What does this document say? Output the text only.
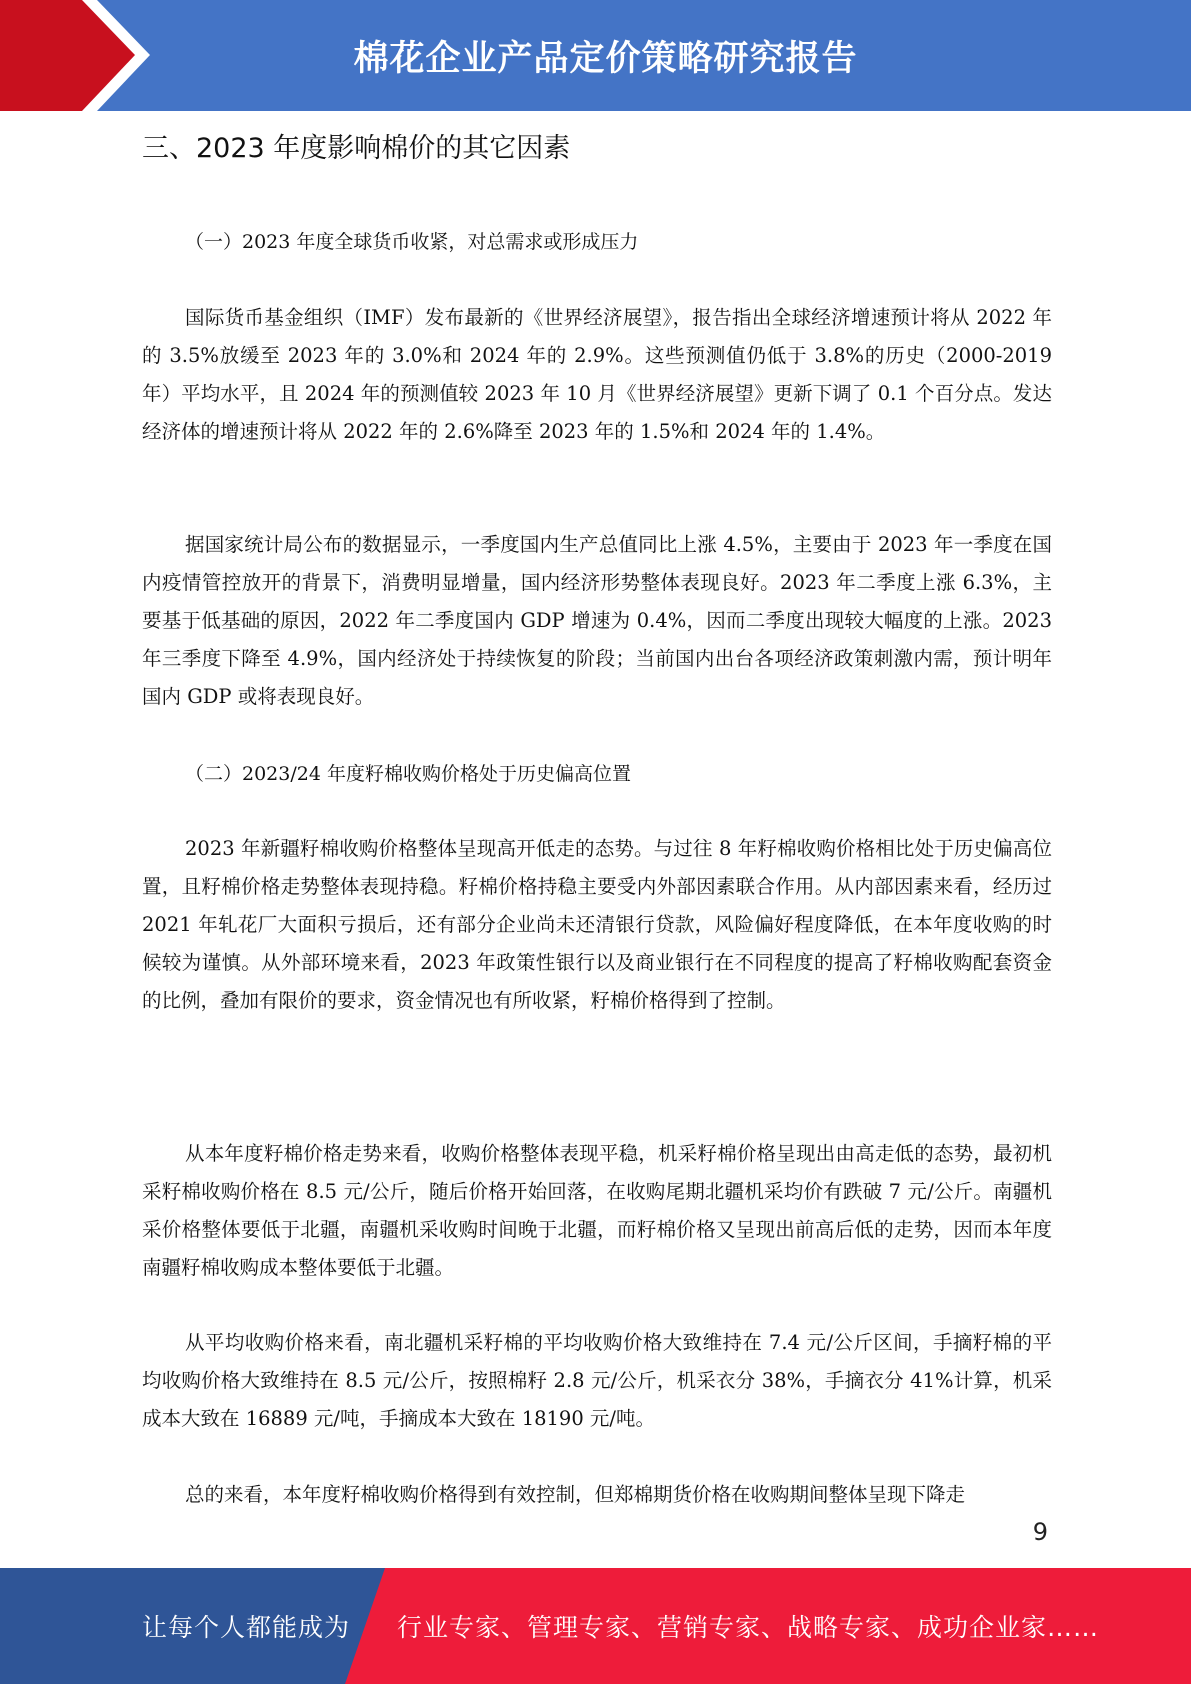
棉花企业产品定价策略研究报告
三、2023 年度影响棉价的其它因素
（一）2023 年度全球货币收紧，对总需求或形成压力

国际货币基金组织（IMF）发布最新的《世界经济展望》，报告指出全球经济增速预计将从 2022 年的 3.5%放缓至 2023 年的 3.0%和 2024 年的 2.9%。这些预测值仍低于 3.8%的历史（2000-2019 年）平均水平，且 2024 年的预测值较 2023 年 10 月《世界经济展望》更新下调了 0.1 个百分点。发达经济体的增速预计将从 2022 年的 2.6%降至 2023 年的 1.5%和 2024 年的 1.4%。

据国家统计局公布的数据显示，一季度国内生产总值同比上涨 4.5%，主要由于 2023 年一季度在国内疫情管控放开的背景下，消费明显增量，国内经济形势整体表现良好。2023 年二季度上涨 6.3%，主要基于低基础的原因，2022 年二季度国内 GDP 增速为 0.4%，因而二季度出现较大幅度的上涨。2023 年三季度下降至 4.9%，国内经济处于持续恢复的阶段；当前国内出台各项经济政策刺激内需，预计明年国内 GDP 或将表现良好。

（二）2023/24 年度籽棉收购价格处于历史偏高位置

2023 年新疆籽棉收购价格整体呈现高开低走的态势。与过往 8 年籽棉收购价格相比处于历史偏高位置，且籽棉价格走势整体表现持稳。籽棉价格持稳主要受内外部因素联合作用。从内部因素来看，经历过 2021 年轧花厂大面积亏损后，还有部分企业尚未还清银行贷款，风险偏好程度降低，在本年度收购的时候较为谨慎。从外部环境来看，2023 年政策性银行以及商业银行在不同程度的提高了籽棉收购配套资金的比例，叠加有限价的要求，资金情况也有所收紧，籽棉价格得到了控制。

从本年度籽棉价格走势来看，收购价格整体表现平稳，机采籽棉价格呈现出由高走低的态势，最初机采籽棉收购价格在 8.5 元/公斤，随后价格开始回落，在收购尾期北疆机采均价有跌破 7 元/公斤。南疆机采价格整体要低于北疆，南疆机采收购时间晚于北疆，而籽棉价格又呈现出前高后低的走势，因而本年度南疆籽棉收购成本整体要低于北疆。

从平均收购价格来看，南北疆机采籽棉的平均收购价格大致维持在 7.4 元/公斤区间，手摘籽棉的平均收购价格大致维持在 8.5 元/公斤，按照棉籽 2.8 元/公斤，机采衣分 38%，手摘衣分 41%计算，机采成本大致在 16889 元/吨，手摘成本大致在 18190 元/吨。

总的来看，本年度籽棉收购价格得到有效控制，但郑棉期货价格在收购期间整体呈现下降走

9
让每个人都能成为 行业专家、管理专家、营销专家、战略专家、成功企业家……
